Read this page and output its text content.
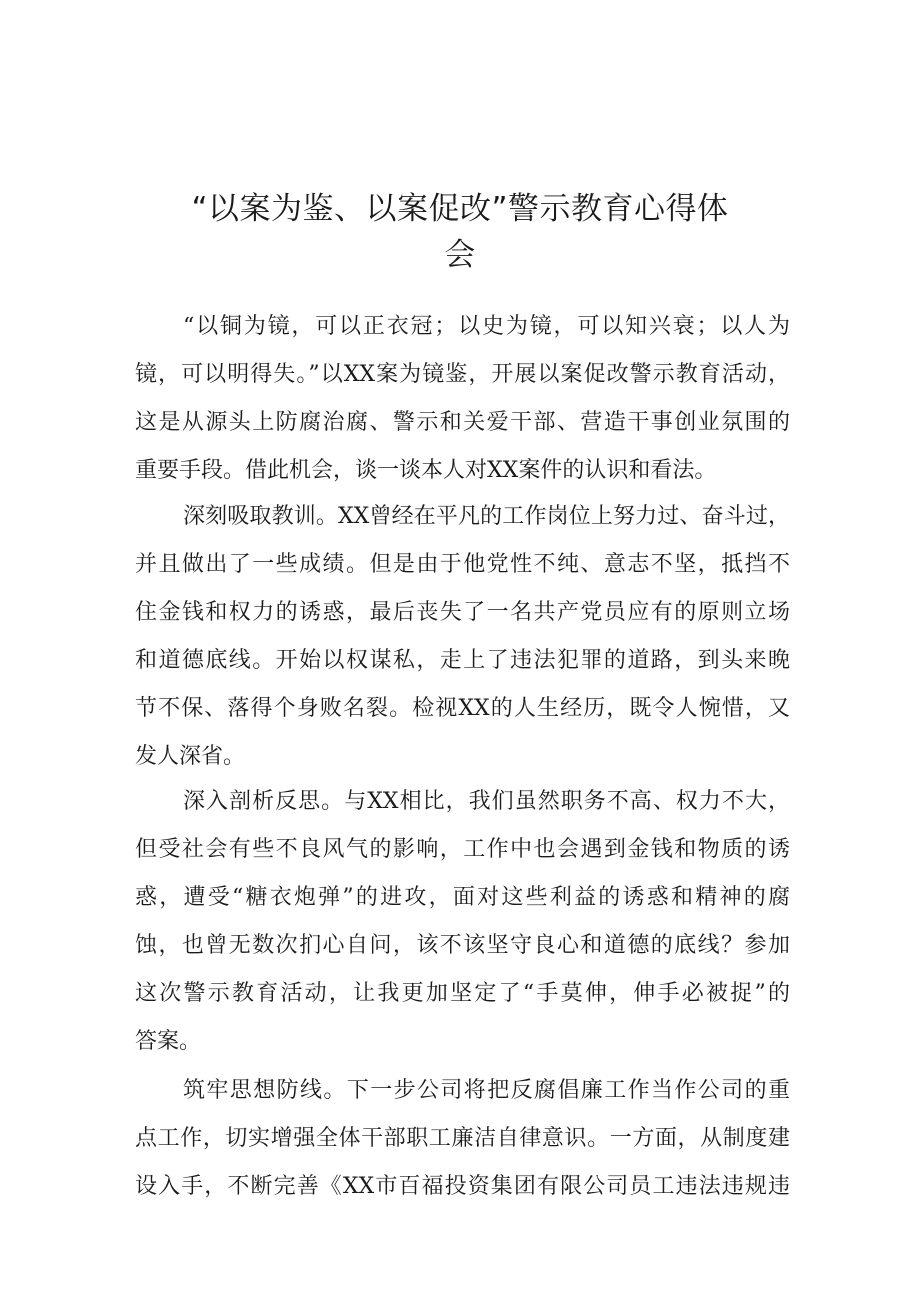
“以案为鉴、以案促改”警示教育心得体
会
“以铜为镜，可以正衣冠；以史为镜，可以知兴衰；以人为
镜，可以明得失。”以XX案为镜鉴，开展以案促改警示教育活动，
这是从源头上防腐治腐、警示和关爱干部、营造干事创业氛围的
重要手段。借此机会，谈一谈本人对XX案件的认识和看法。
深刻吸取教训。XX曾经在平凡的工作岗位上努力过、奋斗过，
并且做出了一些成绩。但是由于他党性不纯、意志不坚，抵挡不
住金钱和权力的诱惑，最后丧失了一名共产党员应有的原则立场
和道德底线。开始以权谋私，走上了违法犯罪的道路，到头来晚
节不保、落得个身败名裂。检视XX的人生经历，既令人惋惜，又
发人深省。
深入剖析反思。与XX相比，我们虽然职务不高、权力不大，
但受社会有些不良风气的影响，工作中也会遇到金钱和物质的诱
惑，遭受“糖衣炮弹”的进攻，面对这些利益的诱惑和精神的腐
蚀，也曾无数次扪心自问，该不该坚守良心和道德的底线？参加
这次警示教育活动，让我更加坚定了“手莫伸，伸手必被捉”的
答案。
筑牢思想防线。下一步公司将把反腐倡廉工作当作公司的重
点工作，切实增强全体干部职工廉洁自律意识。一方面，从制度建
设入手，不断完善《XX市百福投资集团有限公司员工违法违规违
